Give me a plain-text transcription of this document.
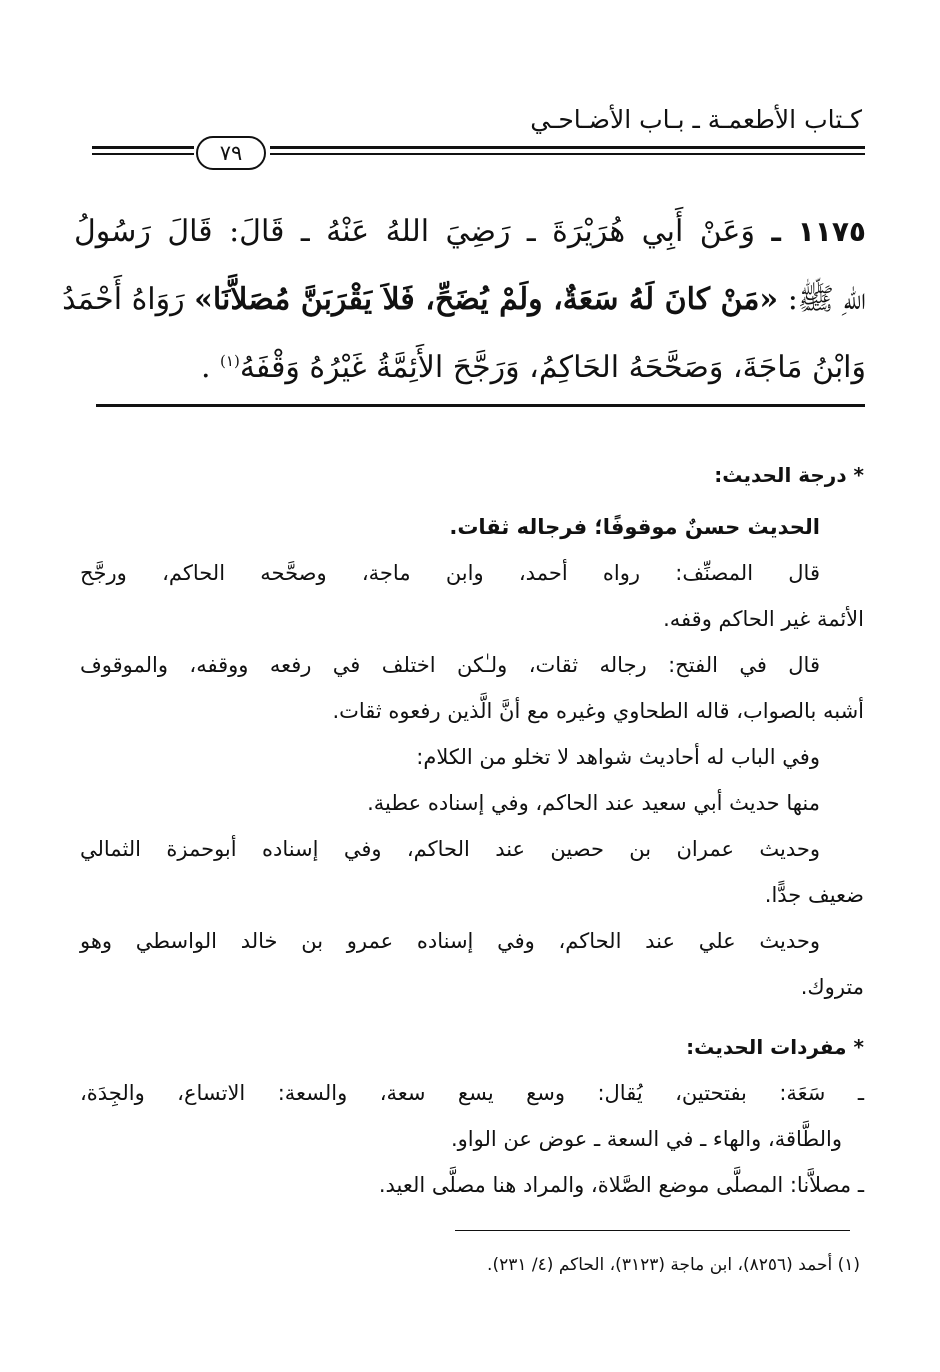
كـتاب الأطعمـة ـ بـاب الأضـاحـي
٧٩
١١٧٥ ـ وَعَنْ أَبِي هُرَيْرَةَ ـ رَضِيَ اللهُ عَنْهُ ـ قَالَ: قَالَ رَسُولُ
اللهِ ﷺ: «مَنْ كانَ لَهُ سَعَةٌ، ولَمْ يُضَحِّ، فَلاَ يَقْرَبَنَّ مُصَلاَّنَا» رَوَاهُ أَحْمَدُ
وَابْنُ مَاجَةَ، وَصَحَّحَهُ الحَاكِمُ، وَرَجَّحَ الأَئِمَّةُ غَيْرُهُ وَقْفَهُ$^{(١)}$ .
* درجة الحديث:
الحديث حسنٌ موقوفًا؛ فرجاله ثقات.
قال المصنِّف: رواه أحمد، وابن ماجة، وصحَّحه الحاكم، ورجَّح
الأئمة غير الحاكم وقفه.
قال في الفتح: رجاله ثقات، ولـٰكن اختلف في رفعه ووقفه، والموقوف
أشبه بالصواب، قاله الطحاوي وغيره مع أنَّ الَّذين رفعوه ثقات.
وفي الباب له أحاديث شواهد لا تخلو من الكلام:
منها حديث أبي سعيد عند الحاكم، وفي إسناده عطية.
وحديث عمران بن حصين عند الحاكم، وفي إسناده أبوحمزة الثمالي
ضعيف جدًّا.
وحديث علي عند الحاكم، وفي إسناده عمرو بن خالد الواسطي وهو
متروك.
* مفردات الحديث:
ـ سَعَة: بفتحتين، يُقال: وسع يسع سعة، والسعة: الاتساع، والجِدَة،
والطَّاقة، والهاء ـ في السعة ـ عوض عن الواو.
ـ مصلاَّنا: المصلَّى موضع الصَّلاة، والمراد هنا مصلَّى العيد.
(١) أحمد (٨٢٥٦)، ابن ماجة (٣١٢٣)، الحاكم (٤/ ٢٣١).
